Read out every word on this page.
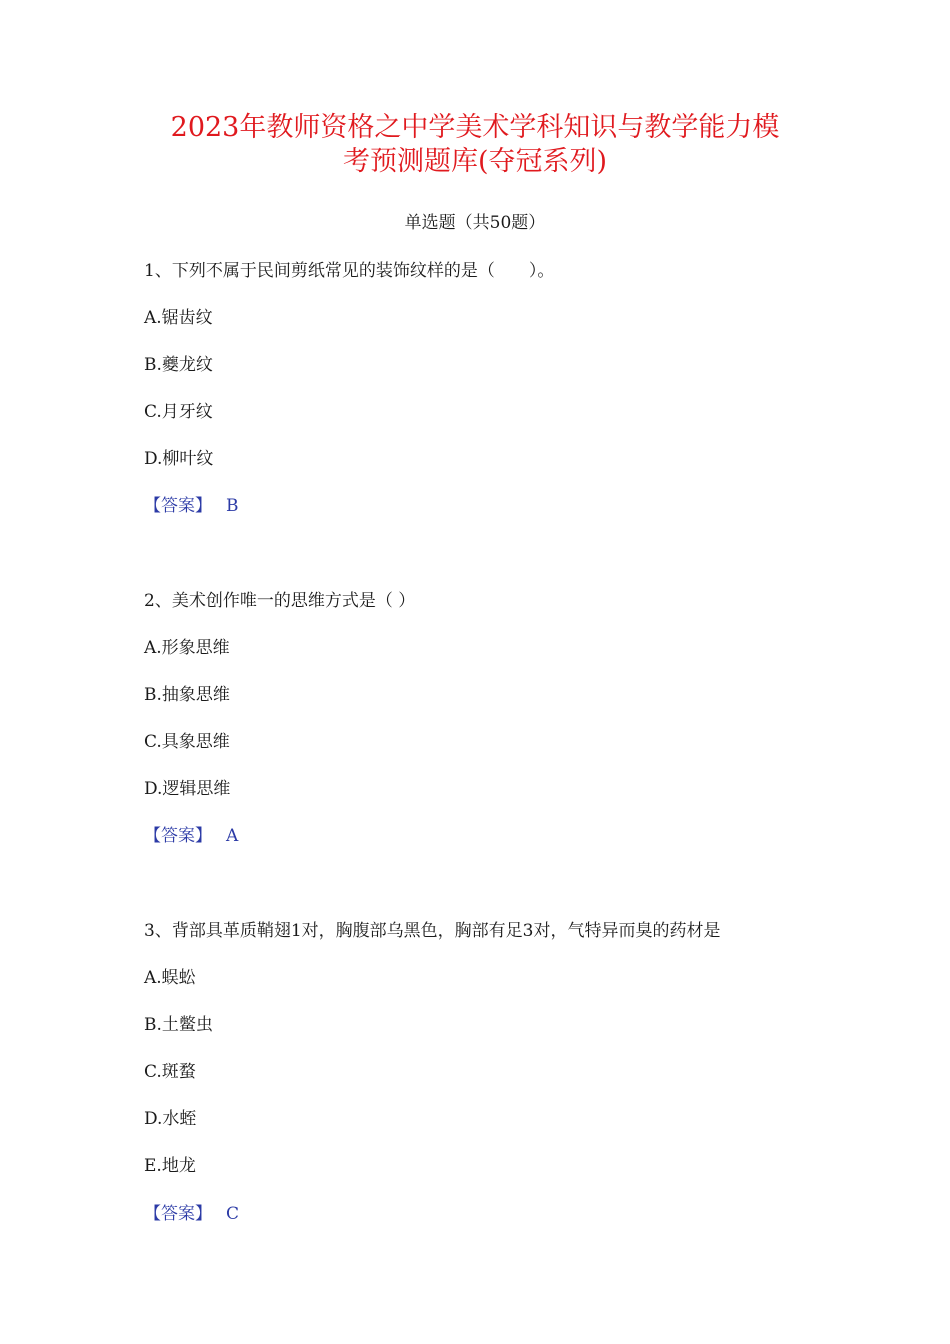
2023年教师资格之中学美术学科知识与教学能力模
考预测题库(夺冠系列)
单选题（共50题）
1、下列不属于民间剪纸常见的装饰纹样的是（　　）。
A.锯齿纹
B.夔龙纹
C.月牙纹
D.柳叶纹
【答案】 B
2、美术创作唯一的思维方式是（ ）
A.形象思维
B.抽象思维
C.具象思维
D.逻辑思维
【答案】 A
3、背部具革质鞘翅1对，胸腹部乌黑色，胸部有足3对，气特异而臭的药材是
A.蜈蚣
B.土鳖虫
C.斑蝥
D.水蛭
E.地龙
【答案】 C
